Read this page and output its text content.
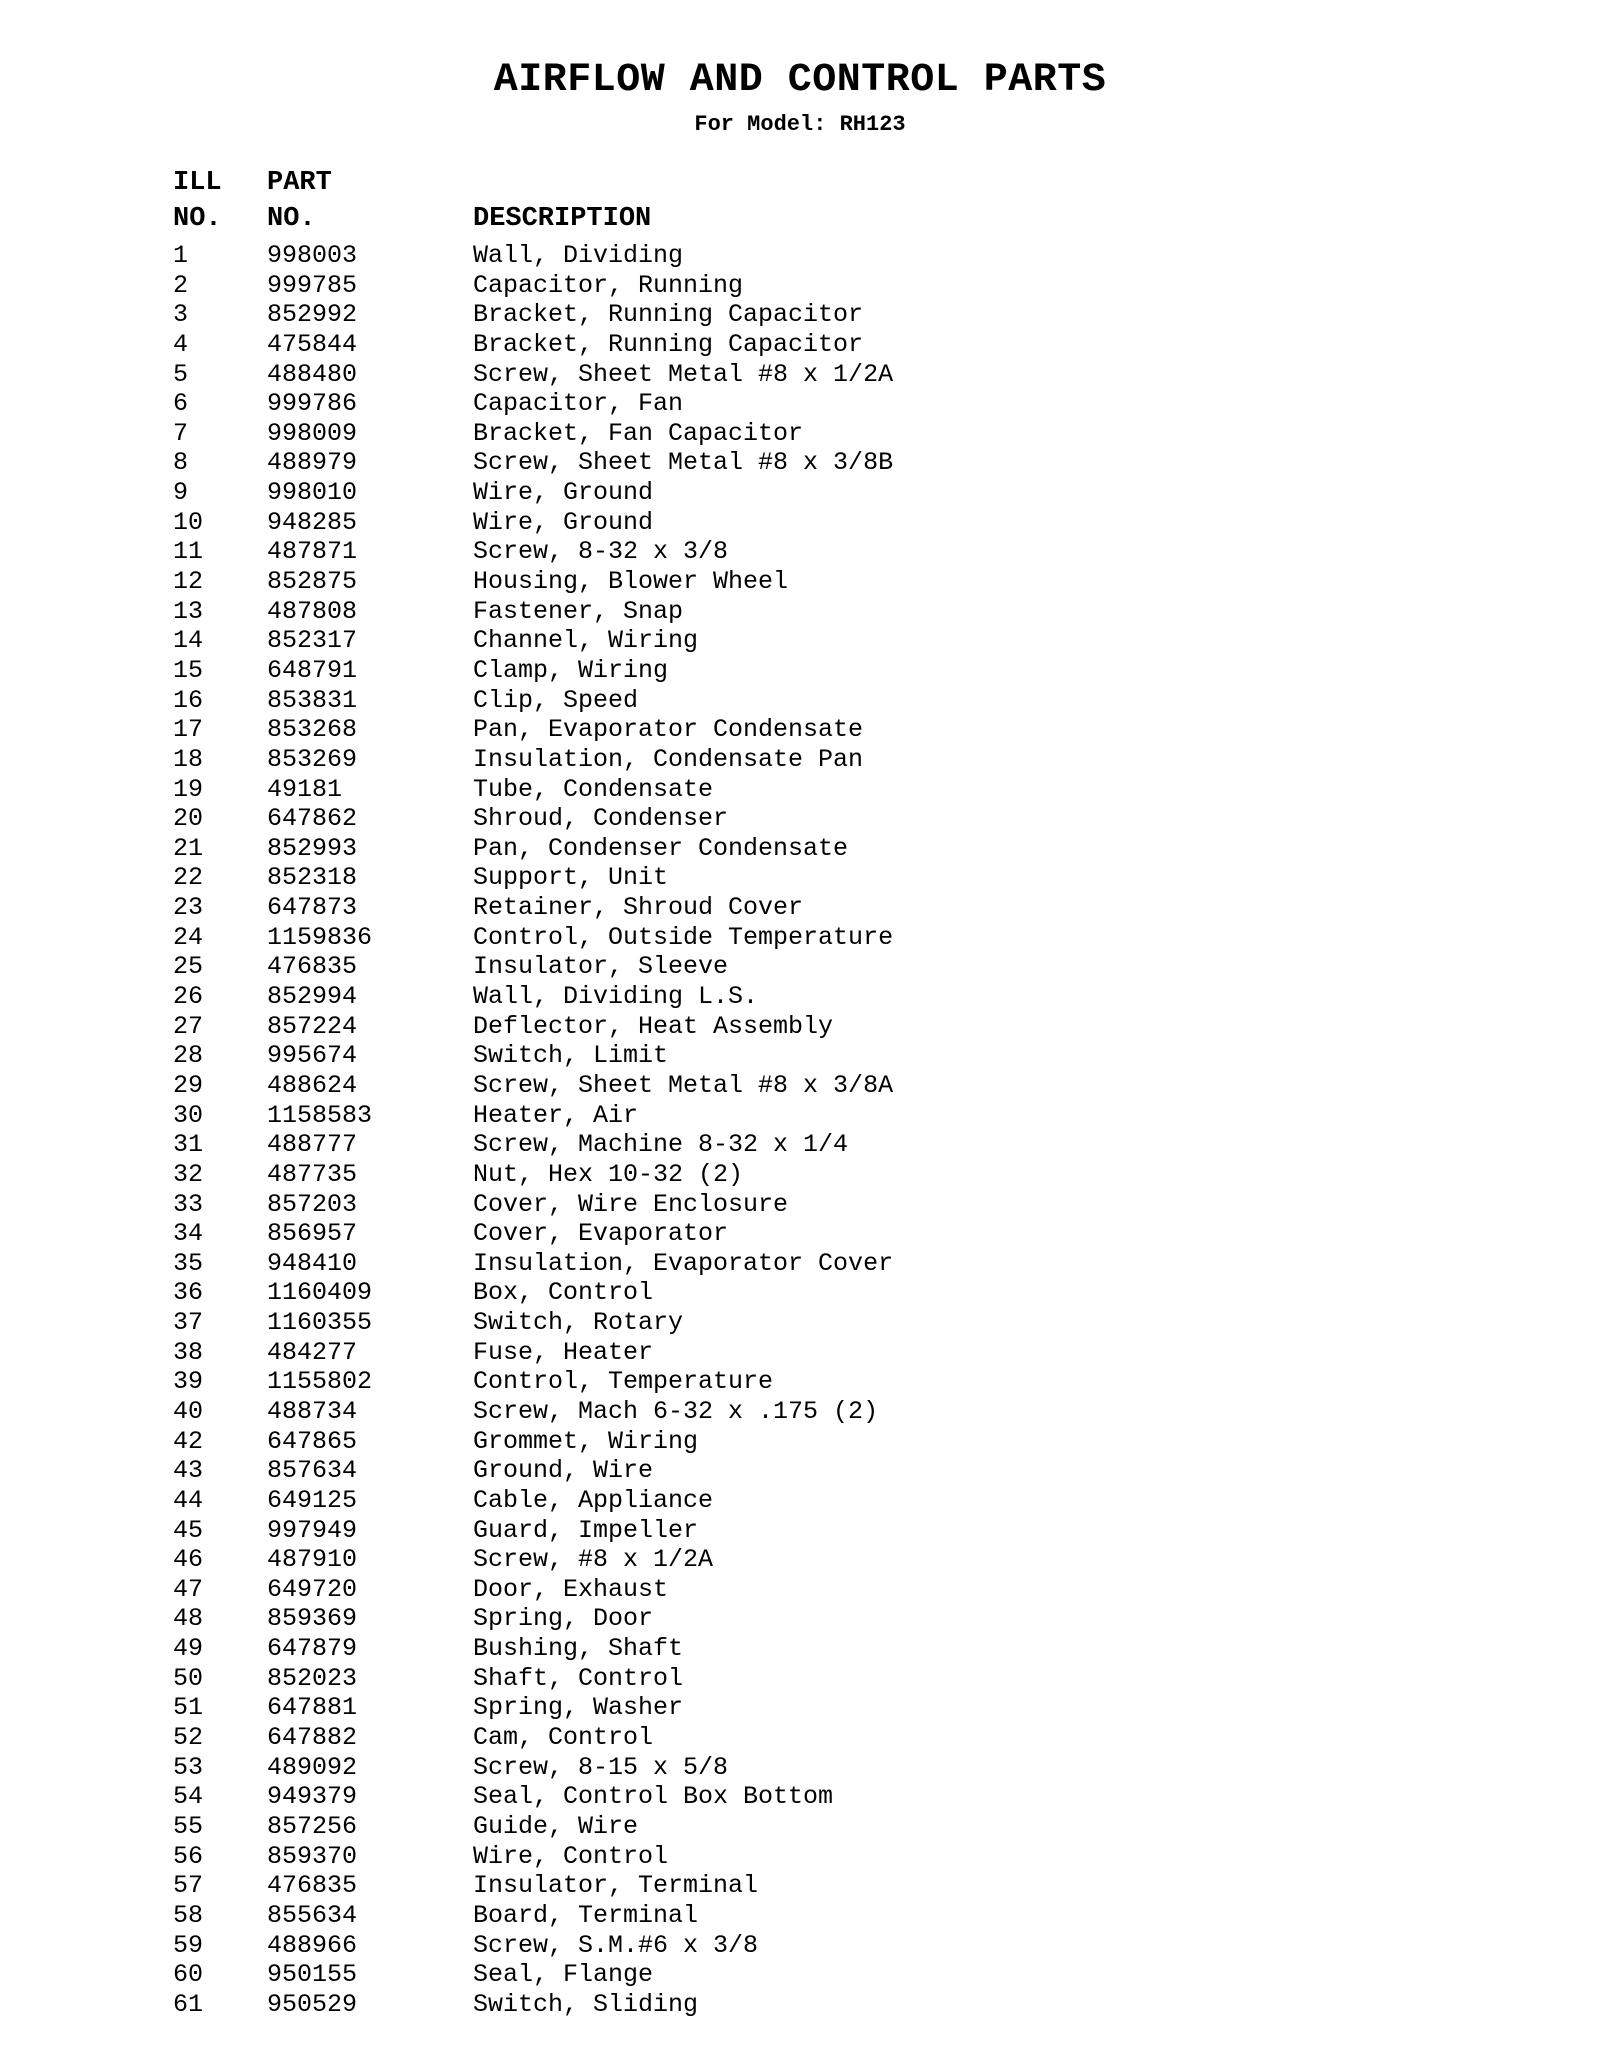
AIRFLOW AND CONTROL PARTS
For Model: RH123
ILL PART
NO. NO.	DESCRIPTION
1	998003	Wall, Dividing
2	999785	Capacitor, Running
3	852992	Bracket, Running Capacitor
4	475844	Bracket, Running Capacitor
5	488480	Screw, Sheet Metal #8 x 1/2A
6	999786	Capacitor, Fan
7	998009	Bracket, Fan Capacitor
8	488979	Screw, Sheet Metal #8 x 3/8B
9	998010	Wire, Ground
10	948285	Wire, Ground
11	487871	Screw, 8-32 x 3/8
12	852875	Housing, Blower Wheel
13	487808	Fastener, Snap
14	852317	Channel, Wiring
15	648791	Clamp, Wiring
16	853831	Clip, Speed
17	853268	Pan, Evaporator Condensate
18	853269	Insulation, Condensate Pan
19	49181	Tube, Condensate
20	647862	Shroud, Condenser
21	852993	Pan, Condenser Condensate
22	852318	Support, Unit
23	647873	Retainer, Shroud Cover
24	1159836	Control, Outside Temperature
25	476835	Insulator, Sleeve
26	852994	Wall, Dividing L.S.
27	857224	Deflector, Heat Assembly
28	995674	Switch, Limit
29	488624	Screw, Sheet Metal #8 x 3/8A
30	1158583	Heater, Air
31	488777	Screw, Machine 8-32 x 1/4
32	487735	Nut, Hex 10-32 (2)
33	857203	Cover, Wire Enclosure
34	856957	Cover, Evaporator
35	948410	Insulation, Evaporator Cover
36	1160409	Box, Control
37	1160355	Switch, Rotary
38	484277	Fuse, Heater
39	1155802	Control, Temperature
40	488734	Screw, Mach 6-32 x .175 (2)
42	647865	Grommet, Wiring
43	857634	Ground, Wire
44	649125	Cable, Appliance
45	997949	Guard, Impeller
46	487910	Screw, #8 x 1/2A
47	649720	Door, Exhaust
48	859369	Spring, Door
49	647879	Bushing, Shaft
50	852023	Shaft, Control
51	647881	Spring, Washer
52	647882	Cam, Control
53	489092	Screw, 8-15 x 5/8
54	949379	Seal, Control Box Bottom
55	857256	Guide, Wire
56	859370	Wire, Control
57	476835	Insulator, Terminal
58	855634	Board, Terminal
59	488966	Screw, S.M.#6 x 3/8
60	950155	Seal, Flange
61	950529	Switch, Sliding
